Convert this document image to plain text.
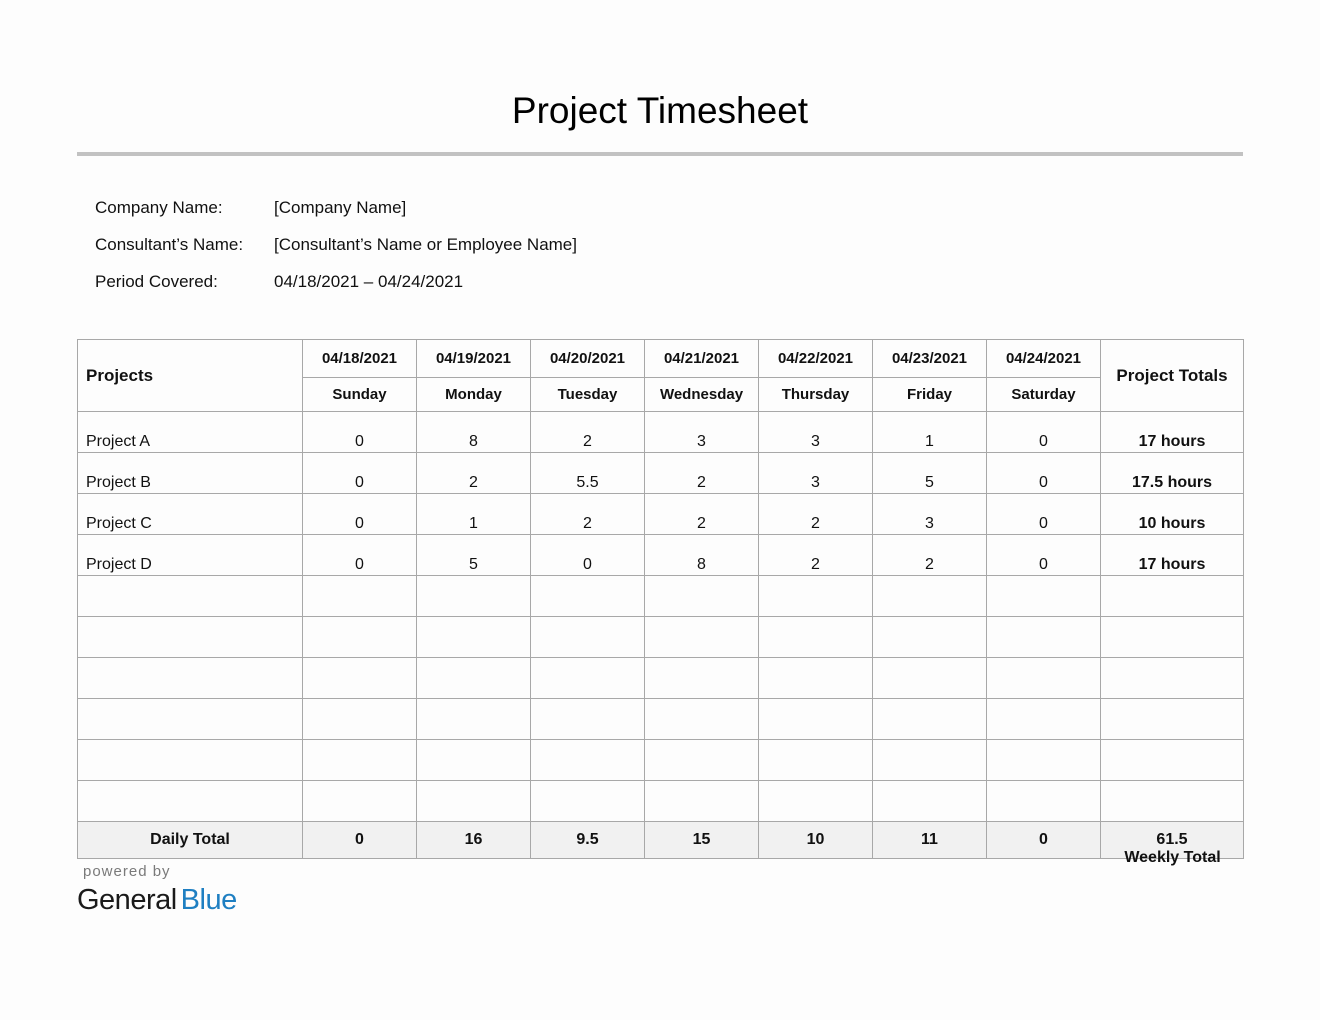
Project Timesheet
Company Name:	[Company Name]
Consultant’s Name: [Consultant’s Name or Employee Name]
Period Covered:	04/18/2021 – 04/24/2021
Projects	04/18/2021	04/19/2021	04/20/2021	04/21/2021	04/22/2021	04/23/2021	04/24/2021	Project Totals
	Sunday	Monday	Tuesday	Wednesday	Thursday	Friday	Saturday	
Project A	0	8	2	3	3	1	0	17 hours
Project B	0	2	5.5	2	3	5	0	17.5 hours
Project C	0	1	2	2	2	3	0	10 hours
Project D	0	5	0	8	2	2	0	17 hours

Daily Total	0	16	9.5	15	10	11	0	61.5
Weekly Total
powered by
General Blue
